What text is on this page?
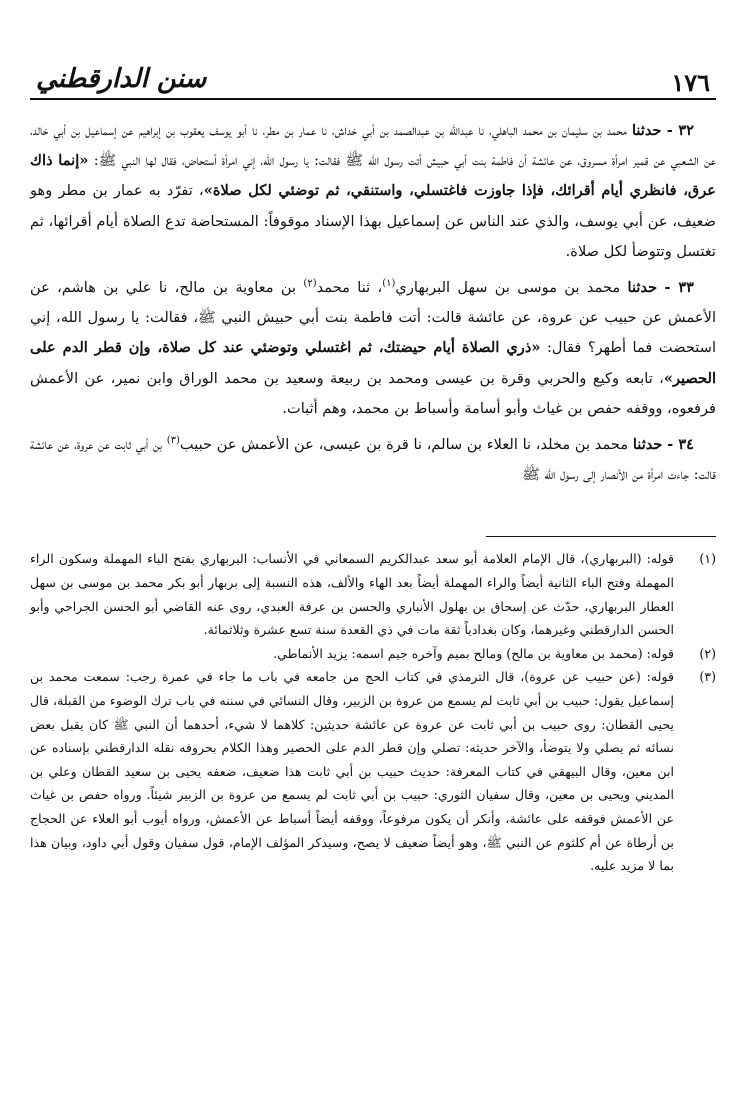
١٧٦
سنن الدارقطني

٣٢ - حدثنا محمد بن سليمان بن محمد الباهلي، نا عبدالله بن عبدالصمد بن أبي خداش، نا عمار بن مطر، نا أبو يوسف يعقوب بن إبراهيم عن إسماعيل بن أبي خالد، عن الشعبي عن قمير امرأة مسروق، عن عائشة أن فاطمة بنت أبي حبيش أتت رسول الله ﷺ فقالت: يا رسول الله، إني امرأة أستحاض، فقال لها النبي ﷺ: «إنما ذاك عرق، فانظري أيام أقرائك، فإذا جاوزت فاغتسلي، واستنقي، ثم توضئي لكل صلاة»، تفرّد به عمار بن مطر وهو ضعيف، عن أبي يوسف، والذي عند الناس عن إسماعيل بهذا الإسناد موقوفاً: المستحاضة تدع الصلاة أيام أقرائها، ثم تغتسل وتتوضأ لكل صلاة.

٣٣ - حدثنا محمد بن موسى بن سهل البربهاري$^{(١)}$، ثنا محمد$^{(٢)}$ بن معاوية بن مالح، نا علي بن هاشم، عن الأعمش عن حبيب عن عروة، عن عائشة قالت: أتت فاطمة بنت أبي حبيش النبي ﷺ، فقالت: يا رسول الله، إني استحضت فما أطهر؟ فقال: «ذري الصلاة أيام حيضتك، ثم اغتسلي وتوضئي عند كل صلاة، وإن قطر الدم على الحصير»، تابعه وكيع والحربي وقرة بن عيسى ومحمد بن ربيعة وسعيد بن محمد الوراق وابن نمير، عن الأعمش فرفعوه، ووقفه حفص بن غياث وأبو أسامة وأسباط بن محمد، وهم أثبات.

٣٤ - حدثنا محمد بن مخلد، نا العلاء بن سالم، نا قرة بن عيسى، عن الأعمش عن حبيب$^{(٣)}$ بن أبي ثابت عن عروة، عن عائشة قالت: جاءت امرأة من الأنصار إلى رسول الله ﷺ

(١)
قوله: (البربهاري)، قال الإمام العلامة أبو سعد عبدالكريم السمعاني في الأنساب: البربهاري بفتح الباء المهملة وسكون الراء المهملة وفتح الباء الثانية أيضاً والراء المهملة أيضاً بعد الهاء والألف، هذه النسبة إلى بربهار أبو بكر محمد بن موسى بن سهل العطار البربهاري، حدّث عن إسحاق بن بهلول الأنباري والحسن بن عرفة العبدي، روى عنه القاضي أبو الحسن الجراحي وأبو الحسن الدارقطني وغيرهما، وكان بغدادياً ثقة مات في ذي القعدة سنة تسع عشرة وثلاثمائة.
(٢)
قوله: (محمد بن معاوية بن مالح) ومالح بميم وآخره جيم اسمه: يزيد الأنماطي.
(٣)
قوله: (عن حبيب عن عروة)، قال الترمذي في كتاب الحج من جامعه في باب ما جاء في عمرة رجب: سمعت محمد بن إسماعيل يقول: حبيب بن أبي ثابت لم يسمع من عروة بن الزبير، وقال النسائي في سننه في باب ترك الوضوء من القبلة، قال يحيى القطان: روى حبيب بن أبي ثابت عن عروة عن عائشة حديثين: كلاهما لا شيء، أحدهما أن النبي ﷺ كان يقبل بعض نسائه ثم يصلي ولا يتوضأ، والآخر حديثه: تصلي وإن قطر الدم على الحصير وهذا الكلام بحروفه نقله الدارقطني بإسناده عن ابن معين، وقال البيهقي في كتاب المعرفة: حديث حبيب بن أبي ثابت هذا ضعيف، ضعفه يحيى بن سعيد القطان وعلي بن المديني ويحيى بن معين، وقال سفيان الثوري: حبيب بن أبي ثابت لم يسمع من عروة بن الزبير شيئاً. ورواه حفص بن غياث عن الأعمش فوقفه على عائشة، وأنكر أن يكون مرفوعاً، ووقفه أيضاً أسباط عن الأعمش، ورواه أيوب أبو العلاء عن الحجاج بن أرطاة عن أم كلثوم عن النبي ﷺ، وهو أيضاً ضعيف لا يصح، وسيذكر المؤلف الإمام، قول سفيان وقول أبي داود، وبيان هذا بما لا مزيد عليه.
